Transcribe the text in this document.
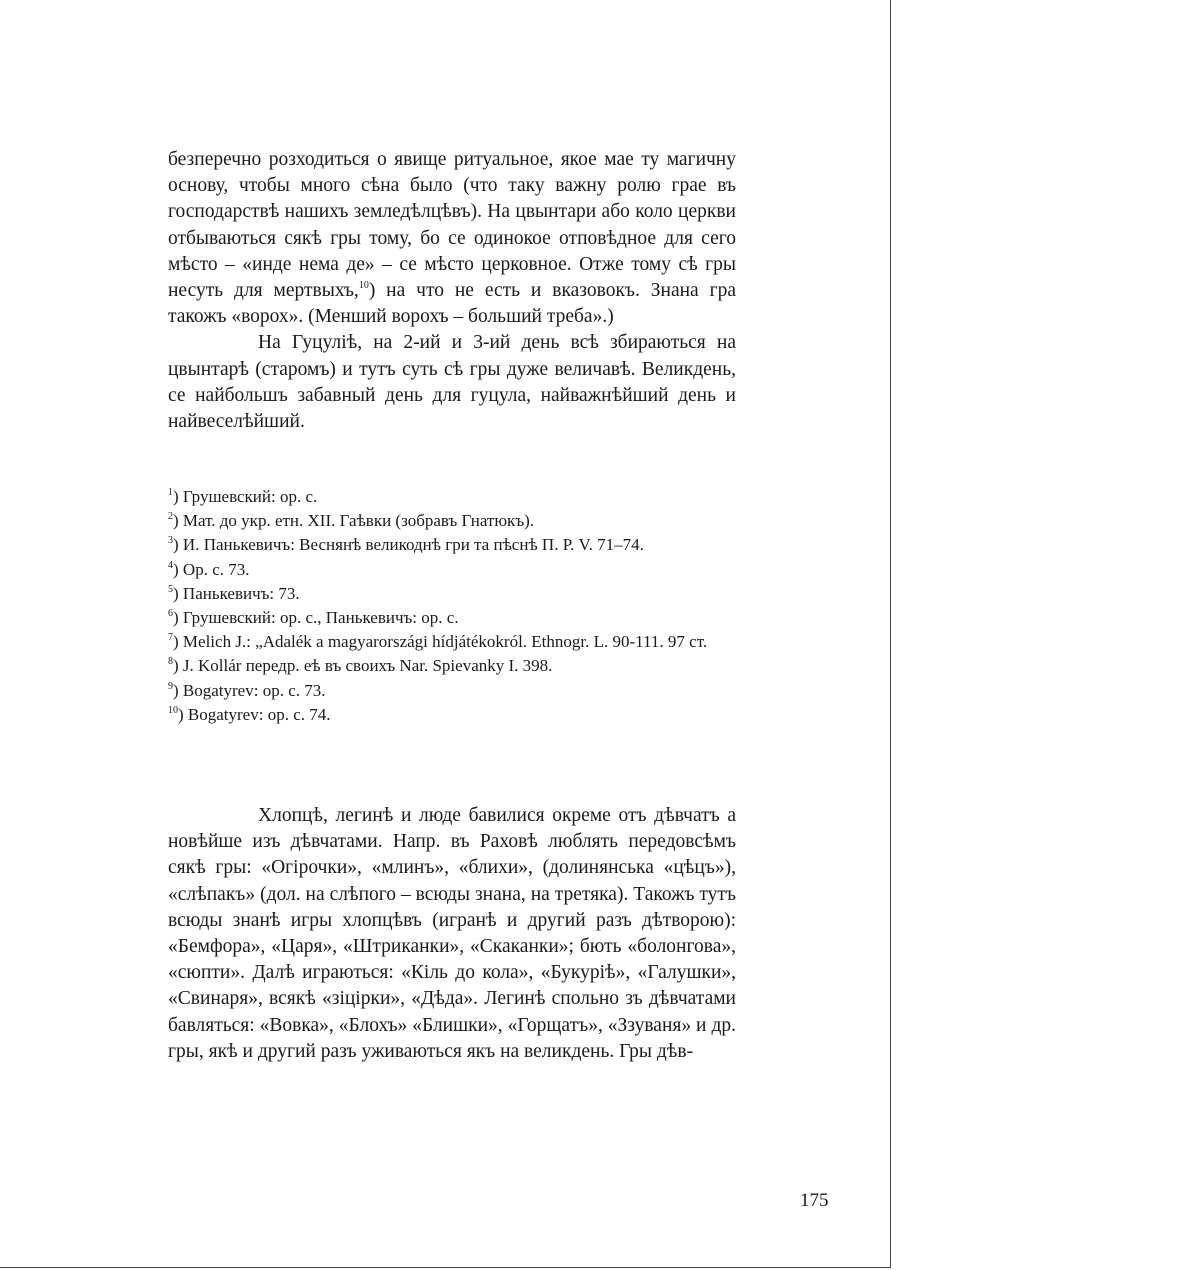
безперечно розходиться о явище ритуальное, якое мае ту магичну основу, чтобы много сѣна было (что таку важну ролю грае въ господарствѣ нашихъ земледѣлцѣвъ). На цвынтари або коло церкви отбываються сякѣ гры тому, бо се одинокое отповѣдное для сего мѣсто – «инде нема де» – се мѣсто церковное. Отже тому сѣ гры несуть для мертвыхъ,$^{10}$) на что не есть и вказовокъ. Знана гра такожъ «ворох». (Менший ворохъ – больший треба».)

На Гуцулiѣ, на 2-ий и 3-ий день всѣ збираються на цвынтарѣ (старомъ) и тутъ суть сѣ гры дуже величавѣ. Великдень, се найбольшъ забавный день для гуцула, найважнѣйший день и найвеселѣйший.

$^1$) Грушевский: op. c.

$^2$) Мат. до укр. етн. XII. Гаѣвки (зобравъ Гнатюкъ).

$^3$) И. Панькевичъ: Веснянѣ великоднѣ гри та пѣснѣ П. Р. V. 71–74.

$^4$) Op. c. 73.

$^5$) Панькевичъ: 73.

$^6$) Грушевский: op. c., Панькевичъ: op. c.

$^7$) Melich J.: „Adalék a magyarországi hídjátékokról. Ethnogr. L. 90-111. 97 ст.

$^8$) J. Kollár передр. еѣ въ своихъ Nar. Spievanky I. 398.

$^9$) Bogatyrev: op. c. 73.

$^{10}$) Bogatyrev: op. c. 74.

Хлопцѣ, легинѣ и люде бавилися окреме отъ дѣвчатъ а новѣйше изъ дѣвчатами. Напр. въ Раховѣ люблять передовсѣмъ сякѣ гры: «Огiрочки», «млинъ», «блихи», (долинянська «цѣцъ»), «слѣпакъ» (дол. на слѣпого – всюды знана, на третяка). Такожъ тутъ всюды знанѣ игры хлопцѣвъ (игранѣ и другий разъ дѣтворою): «Бемфора», «Царя», «Штриканки», «Скаканки»; бють «болонгова», «сюпти». Далѣ играються: «Кiль до кола», «Букурiѣ», «Галушки», «Свинаря», всякѣ «зiцiрки», «Дѣда». Легинѣ спольно зъ дѣвчатами бавляться: «Вовка», «Блохъ» «Блишки», «Горщатъ», «Ззуваня» и др. гры, якѣ и другий разъ уживаються якъ на великдень. Гры дѣв-

175
